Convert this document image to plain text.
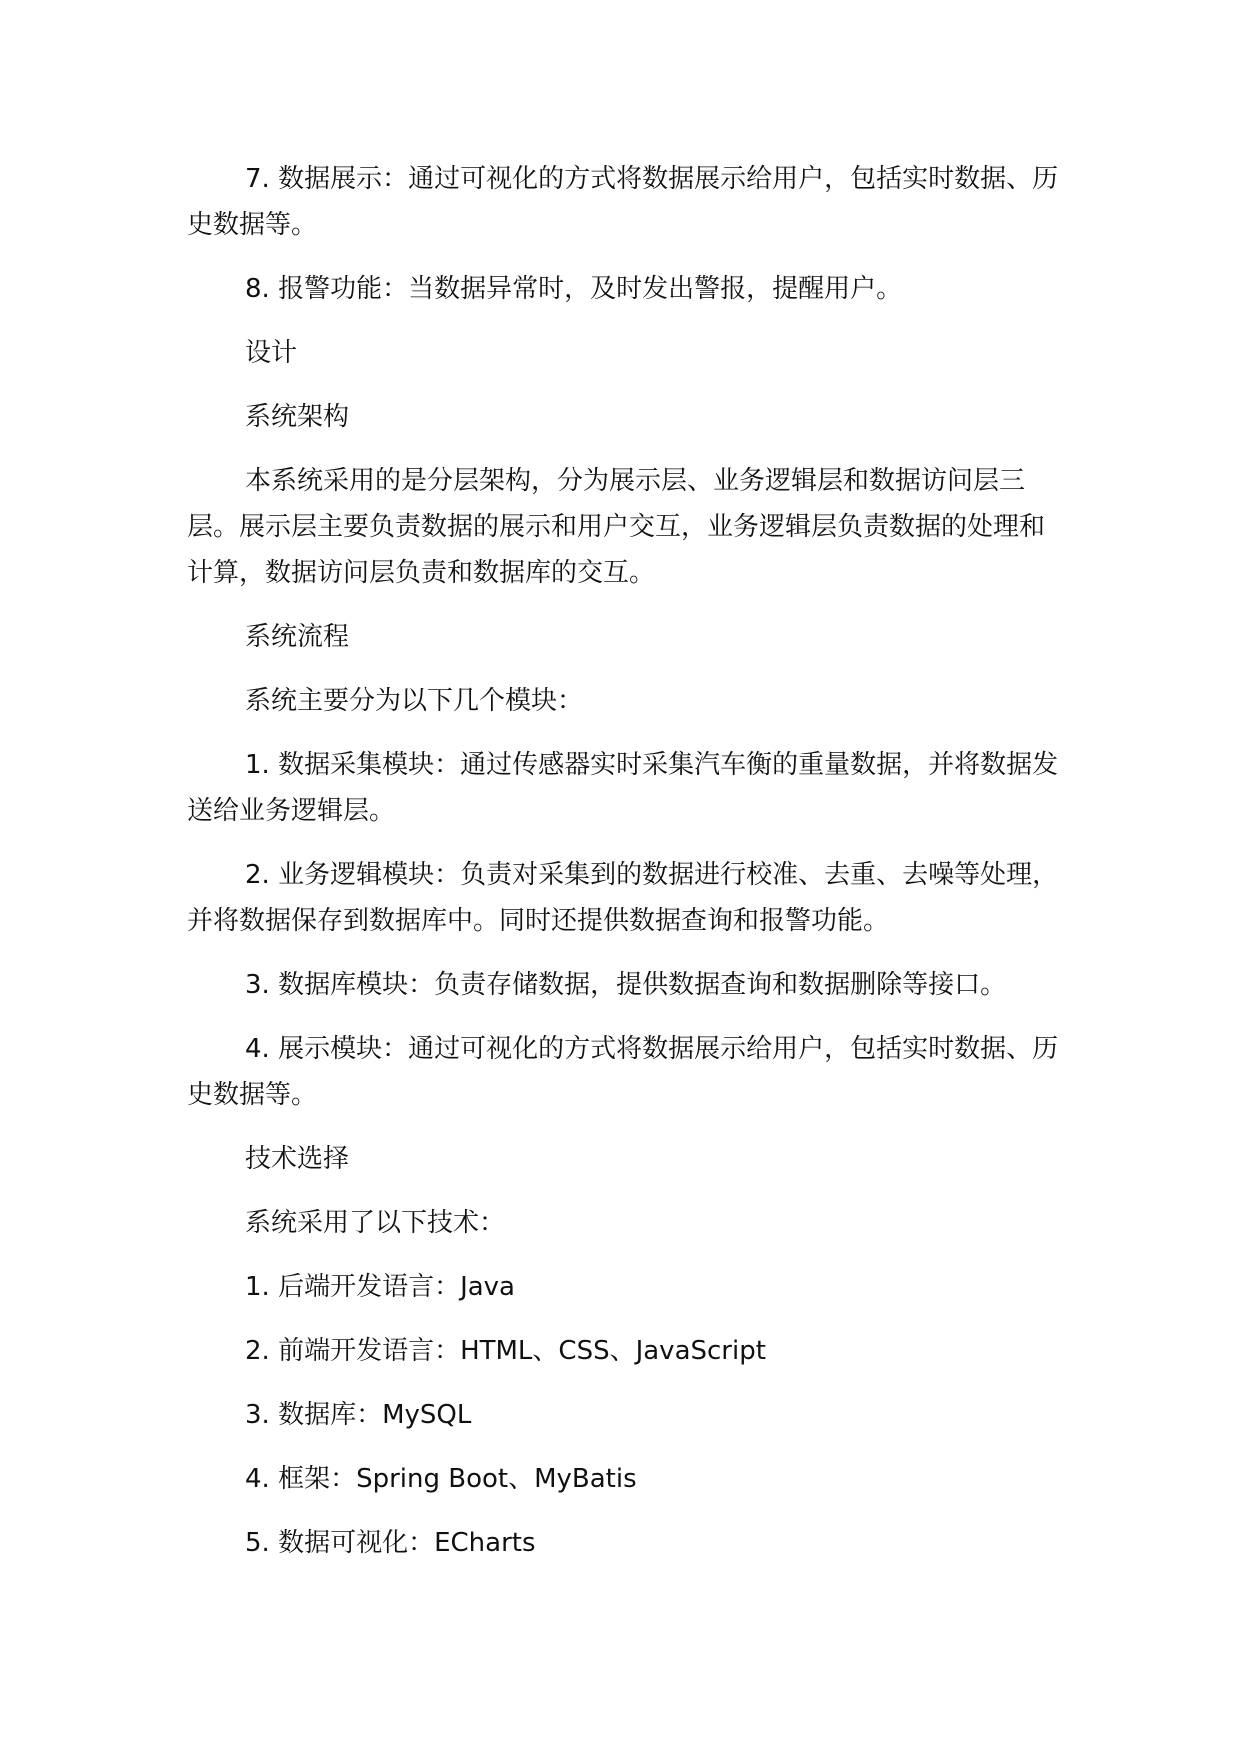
7. 数据展示：通过可视化的方式将数据展示给用户，包括实时数据、历史数据等。

8. 报警功能：当数据异常时，及时发出警报，提醒用户。

设计

系统架构

本系统采用的是分层架构，分为展示层、业务逻辑层和数据访问层三层。展示层主要负责数据的展示和用户交互，业务逻辑层负责数据的处理和计算，数据访问层负责和数据库的交互。

系统流程

系统主要分为以下几个模块：

1. 数据采集模块：通过传感器实时采集汽车衡的重量数据，并将数据发送给业务逻辑层。

2. 业务逻辑模块：负责对采集到的数据进行校准、去重、去噪等处理，并将数据保存到数据库中。同时还提供数据查询和报警功能。

3. 数据库模块：负责存储数据，提供数据查询和数据删除等接口。

4. 展示模块：通过可视化的方式将数据展示给用户，包括实时数据、历史数据等。

技术选择

系统采用了以下技术：

1. 后端开发语言：Java

2. 前端开发语言：HTML、CSS、JavaScript

3. 数据库：MySQL

4. 框架：Spring Boot、MyBatis

5. 数据可视化：ECharts
